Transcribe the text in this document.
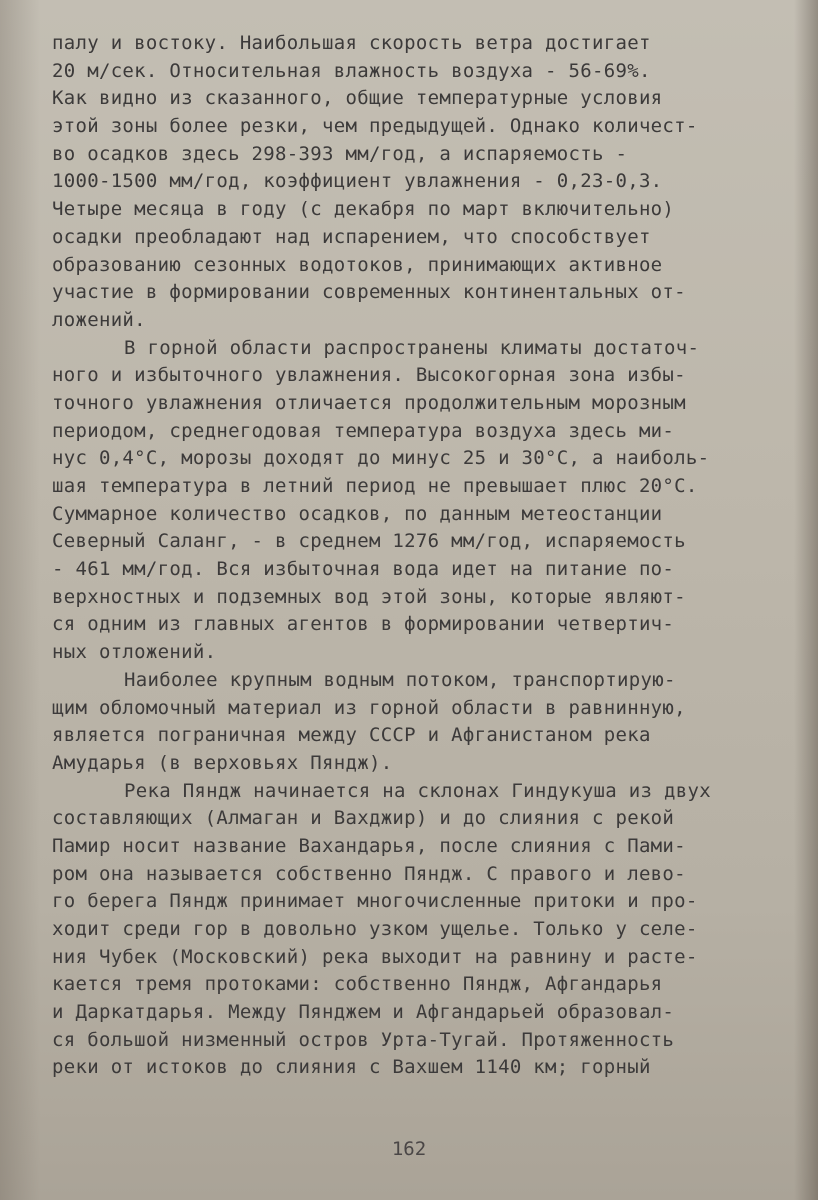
палу и востоку. Наибольшая скорость ветра достигает
20 м/сек. Относительная влажность воздуха - 56-69%.
Как видно из сказанного, общие температурные условия
этой зоны более резки, чем предыдущей. Однако количест-
во осадков здесь 298-393 мм/год, а испаряемость -
1000-1500 мм/год, коэффициент увлажнения - 0,23-0,3.
Четыре месяца в году (с декабря по март включительно)
осадки преобладают над испарением, что способствует
образованию сезонных водотоков, принимающих активное
участие в формировании современных континентальных от-
ложений.
В горной области распространены климаты достаточ-
ного и избыточного увлажнения. Высокогорная зона избы-
точного увлажнения отличается продолжительным морозным
периодом, среднегодовая температура воздуха здесь ми-
нус 0,4°С, морозы доходят до минус 25 и 30°С, а наиболь-
шая температура в летний период не превышает плюс 20°С.
Суммарное количество осадков, по данным метеостанции
Северный Саланг, - в среднем 1276 мм/год, испаряемость
- 461 мм/год. Вся избыточная вода идет на питание по-
верхностных и подземных вод этой зоны, которые являют-
ся одним из главных агентов в формировании четвертич-
ных отложений.
Наиболее крупным водным потоком, транспортирую-
щим обломочный материал из горной области в равнинную,
является пограничная между СССР и Афганистаном река
Амударья (в верховьях Пяндж).
Река Пяндж начинается на склонах Гиндукуша из двух
составляющих (Алмаган и Вахджир) и до слияния с рекой
Памир носит название Вахандарья, после слияния с Пами-
ром она называется собственно Пяндж. С правого и лево-
го берега Пяндж принимает многочисленные притоки и про-
ходит среди гор в довольно узком ущелье. Только у селе-
ния Чубек (Московский) река выходит на равнину и расте-
кается тремя протоками: собственно Пяндж, Афгандарья
и Даркатдарья. Между Пянджем и Афгандарьей образовал-
ся большой низменный остров Урта-Тугай. Протяженность
реки от истоков до слияния с Вахшем 1140 км; горный
162
